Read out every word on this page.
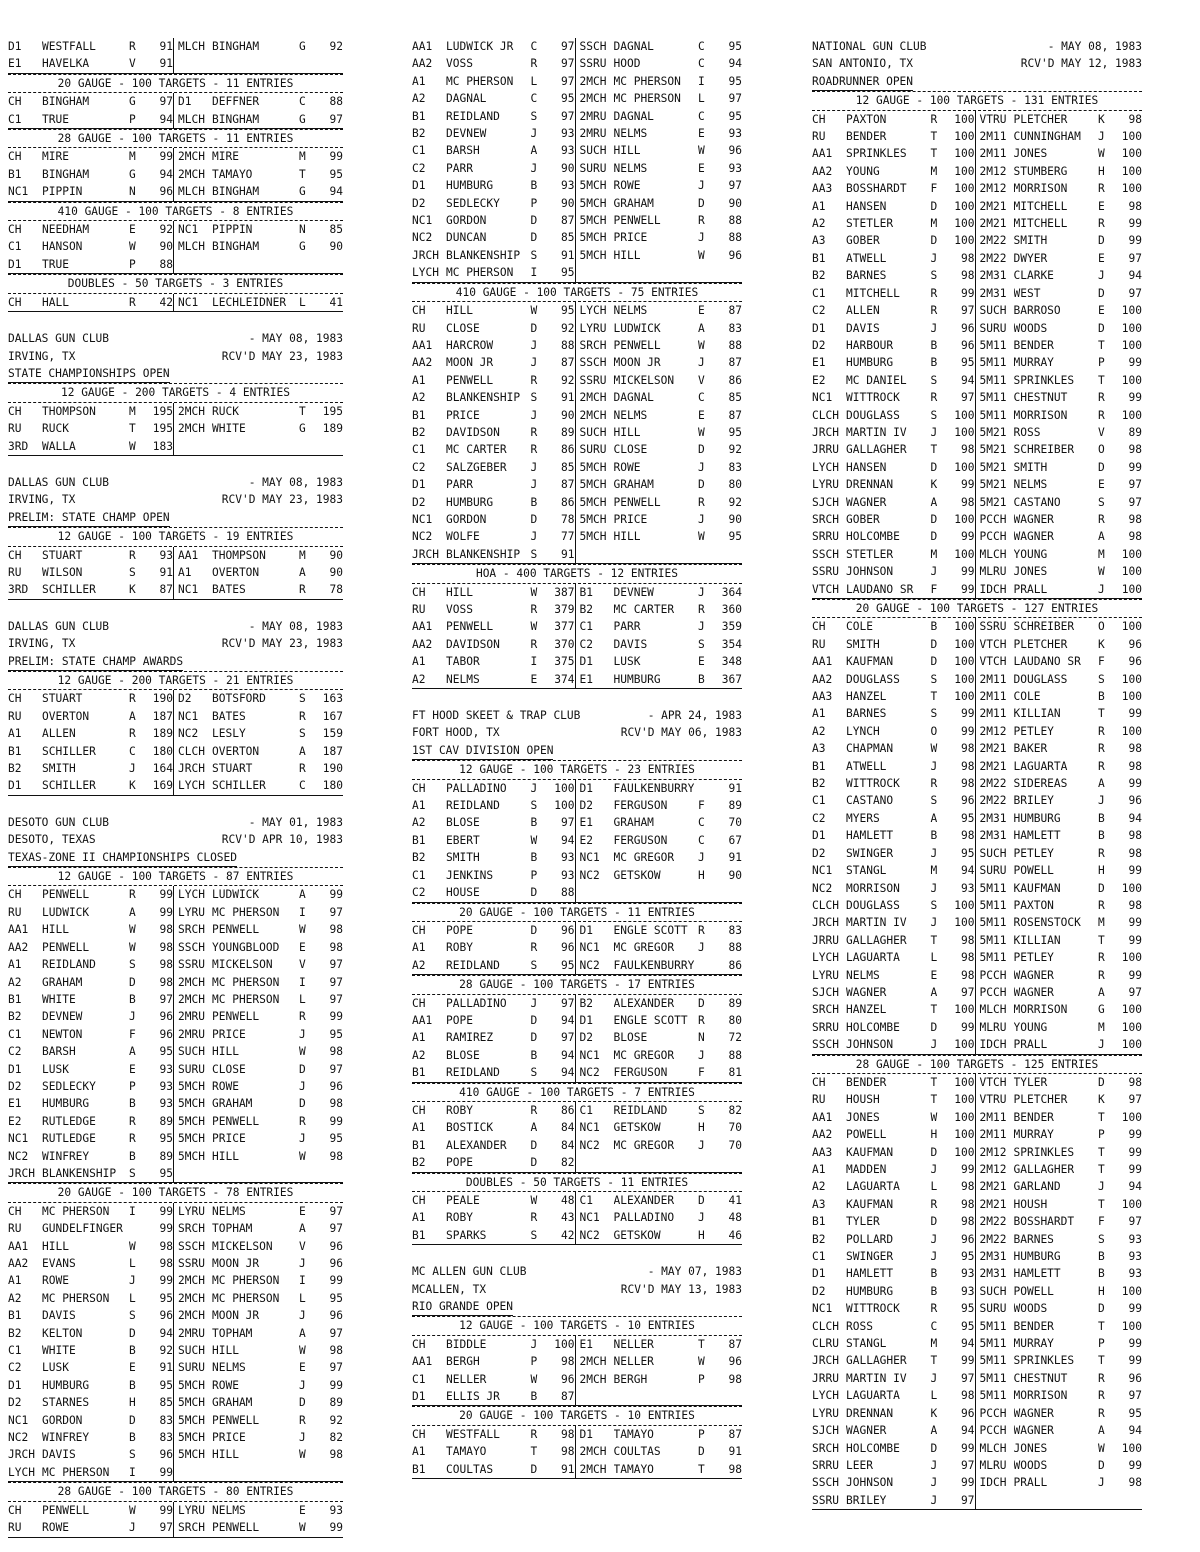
D1	WESTFALL	R	91 MLCH BINGHAM	G	92
E1	HAVELKA	V	91
20 GAUGE - 100 TARGETS - 11 ENTRIES
CH	BINGHAM	G	97 D1	DEFFNER	C	88
C1	TRUE	P	94 MLCH BINGHAM	G	97
28 GAUGE - 100 TARGETS - 11 ENTRIES
CH	MIRE	M	99 2MCH MIRE	M	99
B1	BINGHAM	G	94 2MCH TAMAYO	T	95
NC1	PIPPIN	N	96 MLCH BINGHAM	G	94
410 GAUGE - 100 TARGETS - 8 ENTRIES
CH	NEEDHAM	E	92 NC1	PIPPIN	N	85
C1	HANSON	W	90 MLCH BINGHAM	G	90
D1	TRUE	P	88
DOUBLES - 50 TARGETS - 3 ENTRIES
CH	HALL	R	42 NC1	LECHLEIDNER	L	41
DALLAS GUN CLUB	- MAY 08, 1983
IRVING, TX	RCV'D MAY 23, 1983
STATE CHAMPIONSHIPS OPEN
12 GAUGE - 200 TARGETS - 4 ENTRIES
CH	THOMPSON	M	195 2MCH RUCK	T	195
RU	RUCK	T	195 2MCH WHITE	G	189
3RD	WALLA	W	183
DALLAS GUN CLUB	- MAY 08, 1983
IRVING, TX	RCV'D MAY 23, 1983
PRELIM: STATE CHAMP OPEN
12 GAUGE - 100 TARGETS - 19 ENTRIES
CH	STUART	R	93 AA1	THOMPSON	M	90
RU	WILSON	S	91 A1	OVERTON	A	90
3RD	SCHILLER	K	87 NC1	BATES	R	78
DALLAS GUN CLUB	- MAY 08, 1983
IRVING, TX	RCV'D MAY 23, 1983
PRELIM: STATE CHAMP AWARDS
12 GAUGE - 200 TARGETS - 21 ENTRIES
CH	STUART	R	190 D2	BOTSFORD	S	163
RU	OVERTON	A	187 NC1	BATES	R	167
A1	ALLEN	R	189 NC2	LESLY	S	159
B1	SCHILLER	C	180 CLCH OVERTON	A	187
B2	SMITH	J	164 JRCH STUART	R	190
D1	SCHILLER	K	169 LYCH SCHILLER	C	180
DESOTO GUN CLUB	- MAY 01, 1983
DESOTO, TEXAS	RCV'D APR 10, 1983
TEXAS-ZONE II CHAMPIONSHIPS CLOSED
12 GAUGE - 100 TARGETS - 87 ENTRIES
CH	PENWELL	R	99 LYCH LUDWICK	A	99
RU	LUDWICK	A	99 LYRU MC PHERSON	I	97
AA1	HILL	W	98 SRCH PENWELL	W	98
AA2	PENWELL	W	98 SSCH YOUNGBLOOD	E	98
A1	REIDLAND	S	98 SSRU MICKELSON	V	97
A2	GRAHAM	D	98 2MCH MC PHERSON	I	97
B1	WHITE	B	97 2MCH MC PHERSON	L	97
B2	DEVNEW	J	96 2MRU PENWELL	R	99
C1	NEWTON	F	96 2MRU PRICE	J	95
C2	BARSH	A	95 SUCH HILL	W	98
D1	LUSK	E	93 SURU CLOSE	D	97
D2	SEDLECKY	P	93 5MCH ROWE	J	96
E1	HUMBURG	B	93 5MCH GRAHAM	D	98
E2	RUTLEDGE	R	89 5MCH PENWELL	R	99
NC1	RUTLEDGE	R	95 5MCH PRICE	J	95
NC2	WINFREY	B	89 5MCH HILL	W	98
JRCH BLANKENSHIP	S	95
20 GAUGE - 100 TARGETS - 78 ENTRIES
CH	MC PHERSON	I	99 LYRU NELMS	E	97
RU	GUNDELFINGER	99 SRCH TOPHAM	A	97
AA1	HILL	W	98 SSCH MICKELSON	V	96
AA2	EVANS	L	98 SSRU MOON JR	J	96
A1	ROWE	J	99 2MCH MC PHERSON	I	99
A2	MC PHERSON	L	95 2MCH MC PHERSON	L	95
B1	DAVIS	S	96 2MCH MOON JR	J	96
B2	KELTON	D	94 2MRU TOPHAM	A	97
C1	WHITE	B	92 SUCH HILL	W	98
C2	LUSK	E	91 SURU NELMS	E	97
D1	HUMBURG	B	95 5MCH ROWE	J	99
D2	STARNES	H	85 5MCH GRAHAM	D	89
NC1	GORDON	D	83 5MCH PENWELL	R	92
NC2	WINFREY	B	83 5MCH PRICE	J	82
JRCH DAVIS	S	96 5MCH HILL	W	98
LYCH MC PHERSON	I	99
28 GAUGE - 100 TARGETS - 80 ENTRIES
CH	PENWELL	W	99 LYRU NELMS	E	93
RU	ROWE	J	97 SRCH PENWELL	W	99
AA1	LUDWICK JR	C	97 SSCH DAGNAL	C	95
AA2	VOSS	R	97 SSRU HOOD	C	94
A1	MC PHERSON	L	97 2MCH MC PHERSON	I	95
A2	DAGNAL	C	95 2MCH MC PHERSON	L	97
B1	REIDLAND	S	97 2MRU DAGNAL	C	95
B2	DEVNEW	J	93 2MRU NELMS	E	93
C1	BARSH	A	93 SUCH HILL	W	96
C2	PARR	J	90 SURU NELMS	E	93
D1	HUMBURG	B	93 5MCH ROWE	J	97
D2	SEDLECKY	P	90 5MCH GRAHAM	D	90
NC1	GORDON	D	87 5MCH PENWELL	R	88
NC2	DUNCAN	D	85 5MCH PRICE	J	88
JRCH BLANKENSHIP S	91 5MCH HILL	W	96
LYCH MC PHERSON	I	95
410 GAUGE - 100 TARGETS - 75 ENTRIES
CH	HILL	W	95 LYCH NELMS	E	87
RU	CLOSE	D	92 LYRU LUDWICK	A	83
AA1	HARCROW	J	88 SRCH PENWELL	W	88
AA2	MOON JR	J	87 SSCH MOON JR	J	87
A1	PENWELL	R	92 SSRU MICKELSON	V	86
A2	BLANKENSHIP S	91 2MCH DAGNAL	C	85
B1	PRICE	J	90 2MCH NELMS	E	87
B2	DAVIDSON	R	89 SUCH HILL	W	95
C1	MC CARTER	R	86 SURU CLOSE	D	92
C2	SALZGEBER	J	85 5MCH ROWE	J	83
D1	PARR	J	87 5MCH GRAHAM	D	80
D2	HUMBURG	B	86 5MCH PENWELL	R	92
NC1	GORDON	D	78 5MCH PRICE	J	90
NC2	WOLFE	J	77 5MCH HILL	W	95
JRCH BLANKENSHIP S	91
HOA - 400 TARGETS - 12 ENTRIES
CH	HILL	W	387 B1	DEVNEW	J	364
RU	VOSS	R	379 B2	MC CARTER	R	360
AA1	PENWELL	W	377 C1	PARR	J	359
AA2	DAVIDSON	R	370 C2	DAVIS	S	354
A1	TABOR	I	375 D1	LUSK	E	348
A2	NELMS	E	374 E1	HUMBURG	B	367
FT HOOD SKEET & TRAP CLUB	- APR 24, 1983
FORT HOOD, TX	RCV'D MAY 06, 1983
1ST CAV DIVISION OPEN
12 GAUGE - 100 TARGETS - 23 ENTRIES
CH	PALLADINO	J	100 D1	FAULKENBURRY	91
A1	REIDLAND	S	100 D2	FERGUSON	F	89
A2	BLOSE	B	97 E1	GRAHAM	C	70
B1	EBERT	W	94 E2	FERGUSON	C	67
B2	SMITH	B	93 NC1	MC GREGOR	J	91
C1	JENKINS	P	93 NC2	GETSKOW	H	90
C2	HOUSE	D	88
20 GAUGE - 100 TARGETS - 11 ENTRIES
CH	POPE	D	96 D1	ENGLE SCOTT R	83
A1	ROBY	R	96 NC1	MC GREGOR	J	88
A2	REIDLAND	S	95 NC2	FAULKENBURRY	86
28 GAUGE - 100 TARGETS - 17 ENTRIES
CH	PALLADINO	J	97 B2	ALEXANDER	D	89
AA1	POPE	D	94 D1	ENGLE SCOTT R	80
A1	RAMIREZ	D	97 D2	BLOSE	N	72
A2	BLOSE	B	94 NC1	MC GREGOR	J	88
B1	REIDLAND	S	94 NC2	FERGUSON	F	81
410 GAUGE - 100 TARGETS - 7 ENTRIES
CH	ROBY	R	86 C1	REIDLAND	S	82
A1	BOSTICK	A	84 NC1	GETSKOW	H	70
B1	ALEXANDER	D	84 NC2	MC GREGOR	J	70
B2	POPE	D	82
DOUBLES - 50 TARGETS - 11 ENTRIES
CH	PEALE	W	48 C1	ALEXANDER	D	41
A1	ROBY	R	43 NC1	PALLADINO	J	48
B1	SPARKS	S	42 NC2	GETSKOW	H	46
MC ALLEN GUN CLUB	- MAY 07, 1983
MCALLEN, TX	RCV'D MAY 13, 1983
RIO GRANDE OPEN
12 GAUGE - 100 TARGETS - 10 ENTRIES
CH	BIDDLE	J	100 E1	NELLER	T	87
AA1	BERGH	P	98 2MCH NELLER	W	96
C1	NELLER	W	96 2MCH BERGH	P	98
D1	ELLIS JR	B	87
20 GAUGE - 100 TARGETS - 10 ENTRIES
CH	WESTFALL	R	98 D1	TAMAYO	P	87
A1	TAMAYO	T	98 2MCH COULTAS	D	91
B1	COULTAS	D	91 2MCH TAMAYO	T	98
NATIONAL GUN CLUB	- MAY 08, 1983
SAN ANTONIO, TX	RCV'D MAY 12, 1983
ROADRUNNER OPEN
12 GAUGE - 100 TARGETS - 131 ENTRIES
CH	PAXTON	R	100 VTRU PLETCHER	K	98
RU	BENDER	T	100 2M11 CUNNINGHAM	J	100
AA1	SPRINKLES	T	100 2M11 JONES	W	100
AA2	YOUNG	M	100 2M12 STUMBERG	H	100
AA3	BOSSHARDT	F	100 2M12 MORRISON	R	100
A1	HANSEN	D	100 2M21 MITCHELL	E	98
A2	STETLER	M	100 2M21 MITCHELL	R	99
A3	GOBER	D	100 2M22 SMITH	D	99
B1	ATWELL	J	98 2M22 DWYER	E	97
B2	BARNES	S	98 2M31 CLARKE	J	94
C1	MITCHELL	R	99 2M31 WEST	D	97
C2	ALLEN	R	97 SUCH BARROSO	E	100
D1	DAVIS	J	96 SURU WOODS	D	100
D2	HARBOUR	B	96 5M11 BENDER	T	100
E1	HUMBURG	B	95 5M11 MURRAY	P	99
E2	MC DANIEL	S	94 5M11 SPRINKLES	T	100
NC1	WITTROCK	R	97 5M11 CHESTNUT	R	99
CLCH DOUGLASS	S	100 5M11 MORRISON	R	100
JRCH MARTIN IV	J	100 5M21 ROSS	V	89
JRRU GALLAGHER	T	98 5M21 SCHREIBER	O	98
LYCH HANSEN	D	100 5M21 SMITH	D	99
LYRU DRENNAN	K	99 5M21 NELMS	E	97
SJCH WAGNER	A	98 5M21 CASTANO	S	97
SRCH GOBER	D	100 PCCH WAGNER	R	98
SRRU HOLCOMBE	D	99 PCCH WAGNER	A	98
SSCH STETLER	M	100 MLCH YOUNG	M	100
SSRU JOHNSON	J	99 MLRU JONES	W	100
VTCH LAUDANO SR	F	99 IDCH PRALL	J	100
20 GAUGE - 100 TARGETS - 127 ENTRIES
CH	COLE	B	100 SSRU SCHREIBER	O	100
RU	SMITH	D	100 VTCH PLETCHER	K	96
AA1	KAUFMAN	D	100 VTCH LAUDANO SR	F	96
AA2	DOUGLASS	S	100 2M11 DOUGLASS	S	100
AA3	HANZEL	T	100 2M11 COLE	B	100
A1	BARNES	S	99 2M11 KILLIAN	T	99
A2	LYNCH	O	99 2M12 PETLEY	R	100
A3	CHAPMAN	W	98 2M21 BAKER	R	98
B1	ATWELL	J	98 2M21 LAGUARTA	R	98
B2	WITTROCK	R	98 2M22 SIDEREAS	A	99
C1	CASTANO	S	96 2M22 BRILEY	J	96
C2	MYERS	A	95 2M31 HUMBURG	B	94
D1	HAMLETT	B	98 2M31 HAMLETT	B	98
D2	SWINGER	J	95 SUCH PETLEY	R	98
NC1	STANGL	M	94 SURU POWELL	H	99
NC2	MORRISON	J	93 5M11 KAUFMAN	D	100
CLCH DOUGLASS	S	100 5M11 PAXTON	R	98
JRCH MARTIN IV	J	100 5M11 ROSENSTOCK	M	99
JRRU GALLAGHER	T	98 5M11 KILLIAN	T	99
LYCH LAGUARTA	L	98 5M11 PETLEY	R	100
LYRU NELMS	E	98 PCCH WAGNER	R	99
SJCH WAGNER	A	97 PCCH WAGNER	A	97
SRCH HANZEL	T	100 MLCH MORRISON	G	100
SRRU HOLCOMBE	D	99 MLRU YOUNG	M	100
SSCH JOHNSON	J	100 IDCH PRALL	J	100
28 GAUGE - 100 TARGETS - 125 ENTRIES
CH	BENDER	T	100 VTCH TYLER	D	98
RU	HOUSH	T	100 VTRU PLETCHER	K	97
AA1	JONES	W	100 2M11 BENDER	T	100
AA2	POWELL	H	100 2M11 MURRAY	P	99
AA3	KAUFMAN	D	100 2M12 SPRINKLES	T	99
A1	MADDEN	J	99 2M12 GALLAGHER	T	99
A2	LAGUARTA	L	98 2M21 GARLAND	J	94
A3	KAUFMAN	R	98 2M21 HOUSH	T	100
B1	TYLER	D	98 2M22 BOSSHARDT	F	97
B2	POLLARD	J	96 2M22 BARNES	S	93
C1	SWINGER	J	95 2M31 HUMBURG	B	93
D1	HAMLETT	B	93 2M31 HAMLETT	B	93
D2	HUMBURG	B	93 SUCH POWELL	H	100
NC1	WITTROCK	R	95 SURU WOODS	D	99
CLCH ROSS	C	95 5M11 BENDER	T	100
CLRU STANGL	M	94 5M11 MURRAY	P	99
JRCH GALLAGHER	T	99 5M11 SPRINKLES	T	99
JRRU MARTIN IV	J	97 5M11 CHESTNUT	R	96
LYCH LAGUARTA	L	98 5M11 MORRISON	R	97
LYRU DRENNAN	K	96 PCCH WAGNER	R	95
SJCH WAGNER	A	94 PCCH WAGNER	A	94
SRCH HOLCOMBE	D	99 MLCH JONES	W	100
SRRU LEER	J	97 MLRU WOODS	D	99
SSCH JOHNSON	J	99 IDCH PRALL	J	98
SSRU BRILEY	J	97
